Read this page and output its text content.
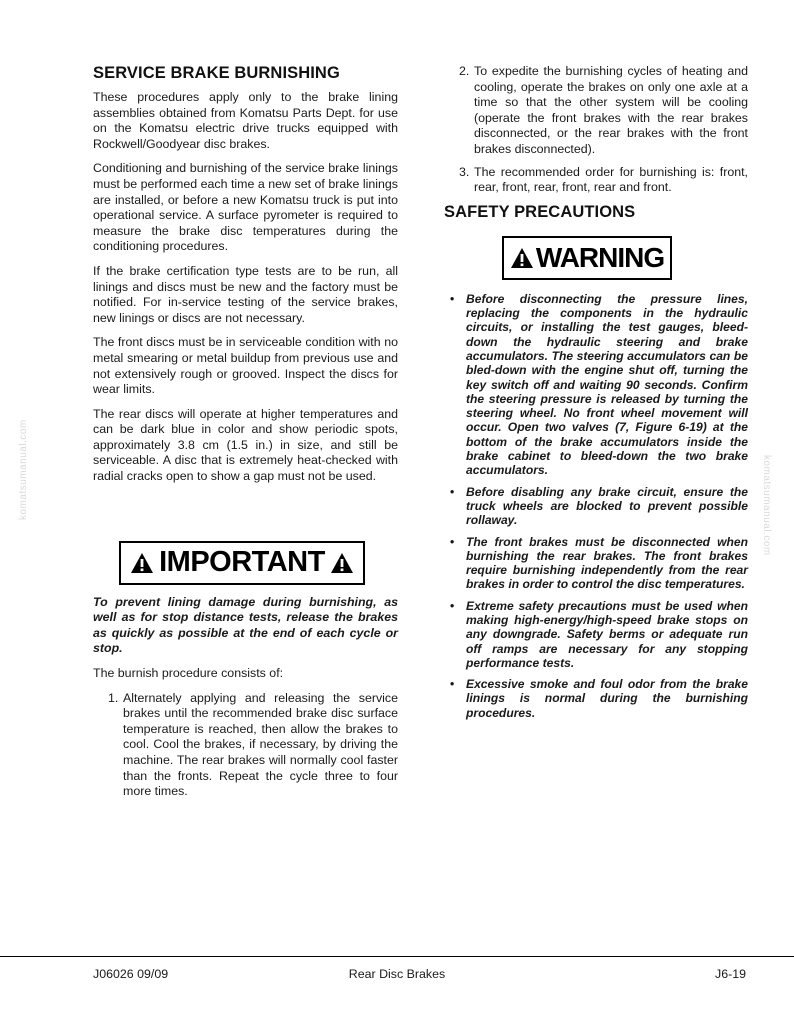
komatsumanual.com	komatsumanual.com
SERVICE BRAKE BURNISHING

These procedures apply only to the brake lining assemblies obtained from Komatsu Parts Dept. for use on the Komatsu electric drive trucks equipped with Rockwell/Goodyear disc brakes.

Conditioning and burnishing of the service brake linings must be performed each time a new set of brake linings are installed, or before a new Komatsu truck is put into operational service. A surface pyrometer is required to measure the brake disc temperatures during the conditioning procedures.

If the brake certification type tests are to be run, all linings and discs must be new and the factory must be notified. For in-service testing of the service brakes, new linings or discs are not necessary.

The front discs must be in serviceable condition with no metal smearing or metal buildup from previous use and not extensively rough or grooved. Inspect the discs for wear limits.

The rear discs will operate at higher temperatures and can be dark blue in color and show periodic spots, approximately 3.8 cm (1.5 in.) in size, and still be serviceable. A disc that is extremely heat-checked with radial cracks open to show a gap must not be used.

IMPORTANT

To prevent lining damage during burnishing, as well as for stop distance tests, release the brakes as quickly as possible at the end of each cycle or stop.

The burnish procedure consists of:

1. Alternately applying and releasing the service brakes until the recommended brake disc surface temperature is reached, then allow the brakes to cool. Cool the brakes, if necessary, by driving the machine. The rear brakes will normally cool faster than the fronts. Repeat the cycle three to four more times.
2. To expedite the burnishing cycles of heating and cooling, operate the brakes on only one axle at a time so that the other system will be cooling (operate the front brakes with the rear brakes disconnected, or the rear brakes with the front brakes disconnected).
3. The recommended order for burnishing is: front, rear, front, rear, front, rear and front.
SAFETY PRECAUTIONS
WARNING
• Before disconnecting the pressure lines, replacing the components in the hydraulic circuits, or installing the test gauges, bleed-down the hydraulic steering and brake accumulators. The steering accumulators can be bled-down with the engine shut off, turning the key switch off and waiting 90 seconds. Confirm the steering pressure is released by turning the steering wheel. No front wheel movement will occur. Open two valves (7, Figure 6-19) at the bottom of the brake accumulators inside the brake cabinet to bleed-down the two brake accumulators.
• Before disabling any brake circuit, ensure the truck wheels are blocked to prevent possible rollaway.
• The front brakes must be disconnected when burnishing the rear brakes. The front brakes require burnishing independently from the rear brakes in order to control the disc temperatures.
• Extreme safety precautions must be used when making high-energy/high-speed brake stops on any downgrade. Safety berms or adequate run off ramps are necessary for any stopping performance tests.
• Excessive smoke and foul odor from the brake linings is normal during the burnishing procedures.
J06026 09/09	Rear Disc Brakes	J6-19
